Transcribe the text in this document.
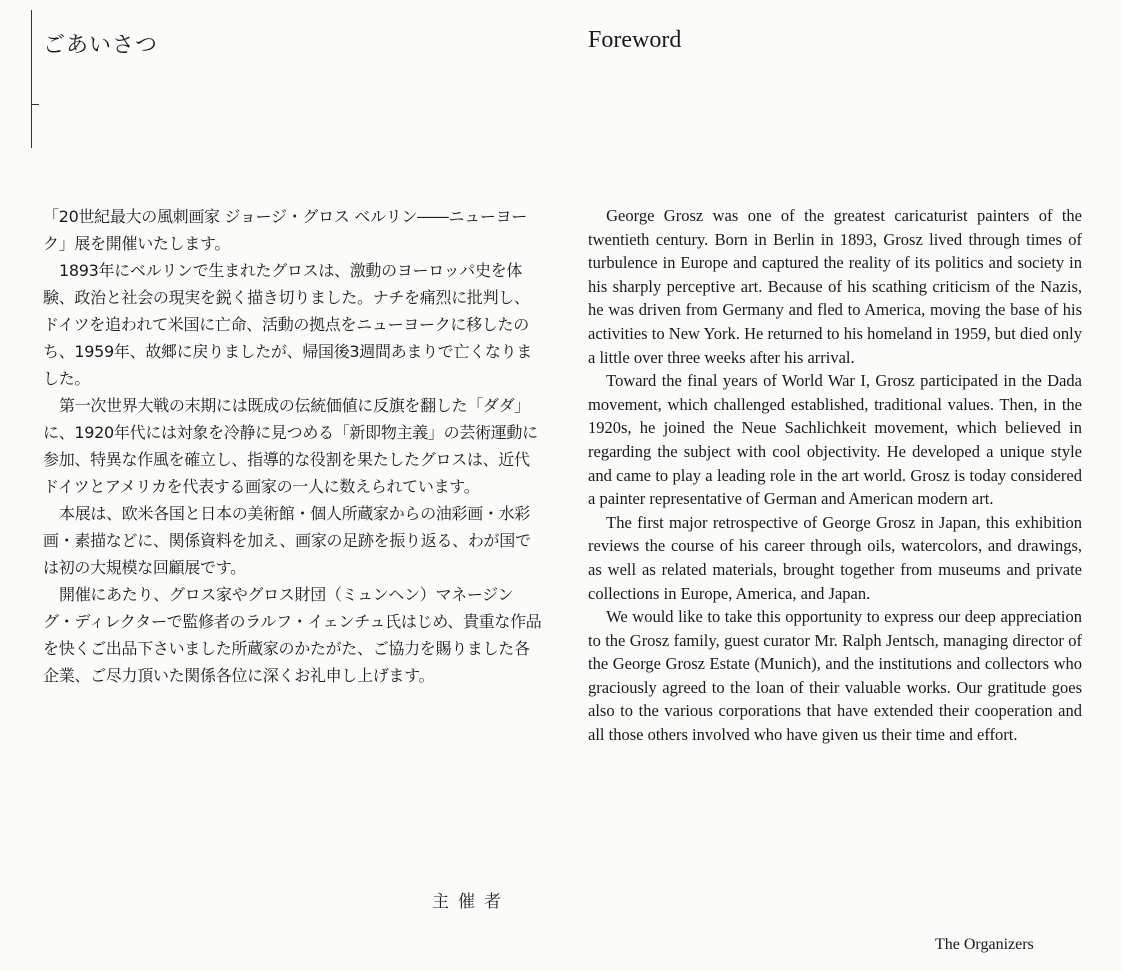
ごあいさつ	Foreword

「20世紀最大の風刺画家 ジョージ・グロス ベルリン――ニューヨーク」展を開催いたします。

1893年にベルリンで生まれたグロスは、激動のヨーロッパ史を体験、政治と社会の現実を鋭く描き切りました。ナチを痛烈に批判し、ドイツを追われて米国に亡命、活動の拠点をニューヨークに移したのち、1959年、故郷に戻りましたが、帰国後3週間あまりで亡くなりました。

第一次世界大戦の末期には既成の伝統価値に反旗を翻した「ダダ」に、1920年代には対象を冷静に見つめる「新即物主義」の芸術運動に参加、特異な作風を確立し、指導的な役割を果たしたグロスは、近代ドイツとアメリカを代表する画家の一人に数えられています。

本展は、欧米各国と日本の美術館・個人所蔵家からの油彩画・水彩画・素描などに、関係資料を加え、画家の足跡を振り返る、わが国では初の大規模な回顧展です。

開催にあたり、グロス家やグロス財団（ミュンヘン）マネージング・ディレクターで監修者のラルフ・イェンチュ氏はじめ、貴重な作品を快くご出品下さいました所蔵家のかたがた、ご協力を賜りました各企業、ご尽力頂いた関係各位に深くお礼申し上げます。

主催者

George Grosz was one of the greatest caricaturist painters of the twentieth century. Born in Berlin in 1893, Grosz lived through times of turbulence in Europe and captured the reality of its politics and society in his sharply perceptive art. Because of his scathing criticism of the Nazis, he was driven from Germany and fled to America, moving the base of his activities to New York. He returned to his homeland in 1959, but died only a little over three weeks after his arrival.

Toward the final years of World War I, Grosz participated in the Dada movement, which challenged established, traditional values. Then, in the 1920s, he joined the Neue Sachlichkeit movement, which believed in regarding the subject with cool objectivity. He developed a unique style and came to play a leading role in the art world. Grosz is today considered a painter representative of German and American modern art.

The first major retrospective of George Grosz in Japan, this exhibition reviews the course of his career through oils, watercolors, and drawings, as well as related materials, brought together from museums and private collections in Europe, America, and Japan.

We would like to take this opportunity to express our deep appreciation to the Grosz family, guest curator Mr. Ralph Jentsch, managing director of the George Grosz Estate (Munich), and the institutions and collectors who graciously agreed to the loan of their valuable works. Our gratitude goes also to the various corporations that have extended their cooperation and all those others involved who have given us their time and effort.

The Organizers
